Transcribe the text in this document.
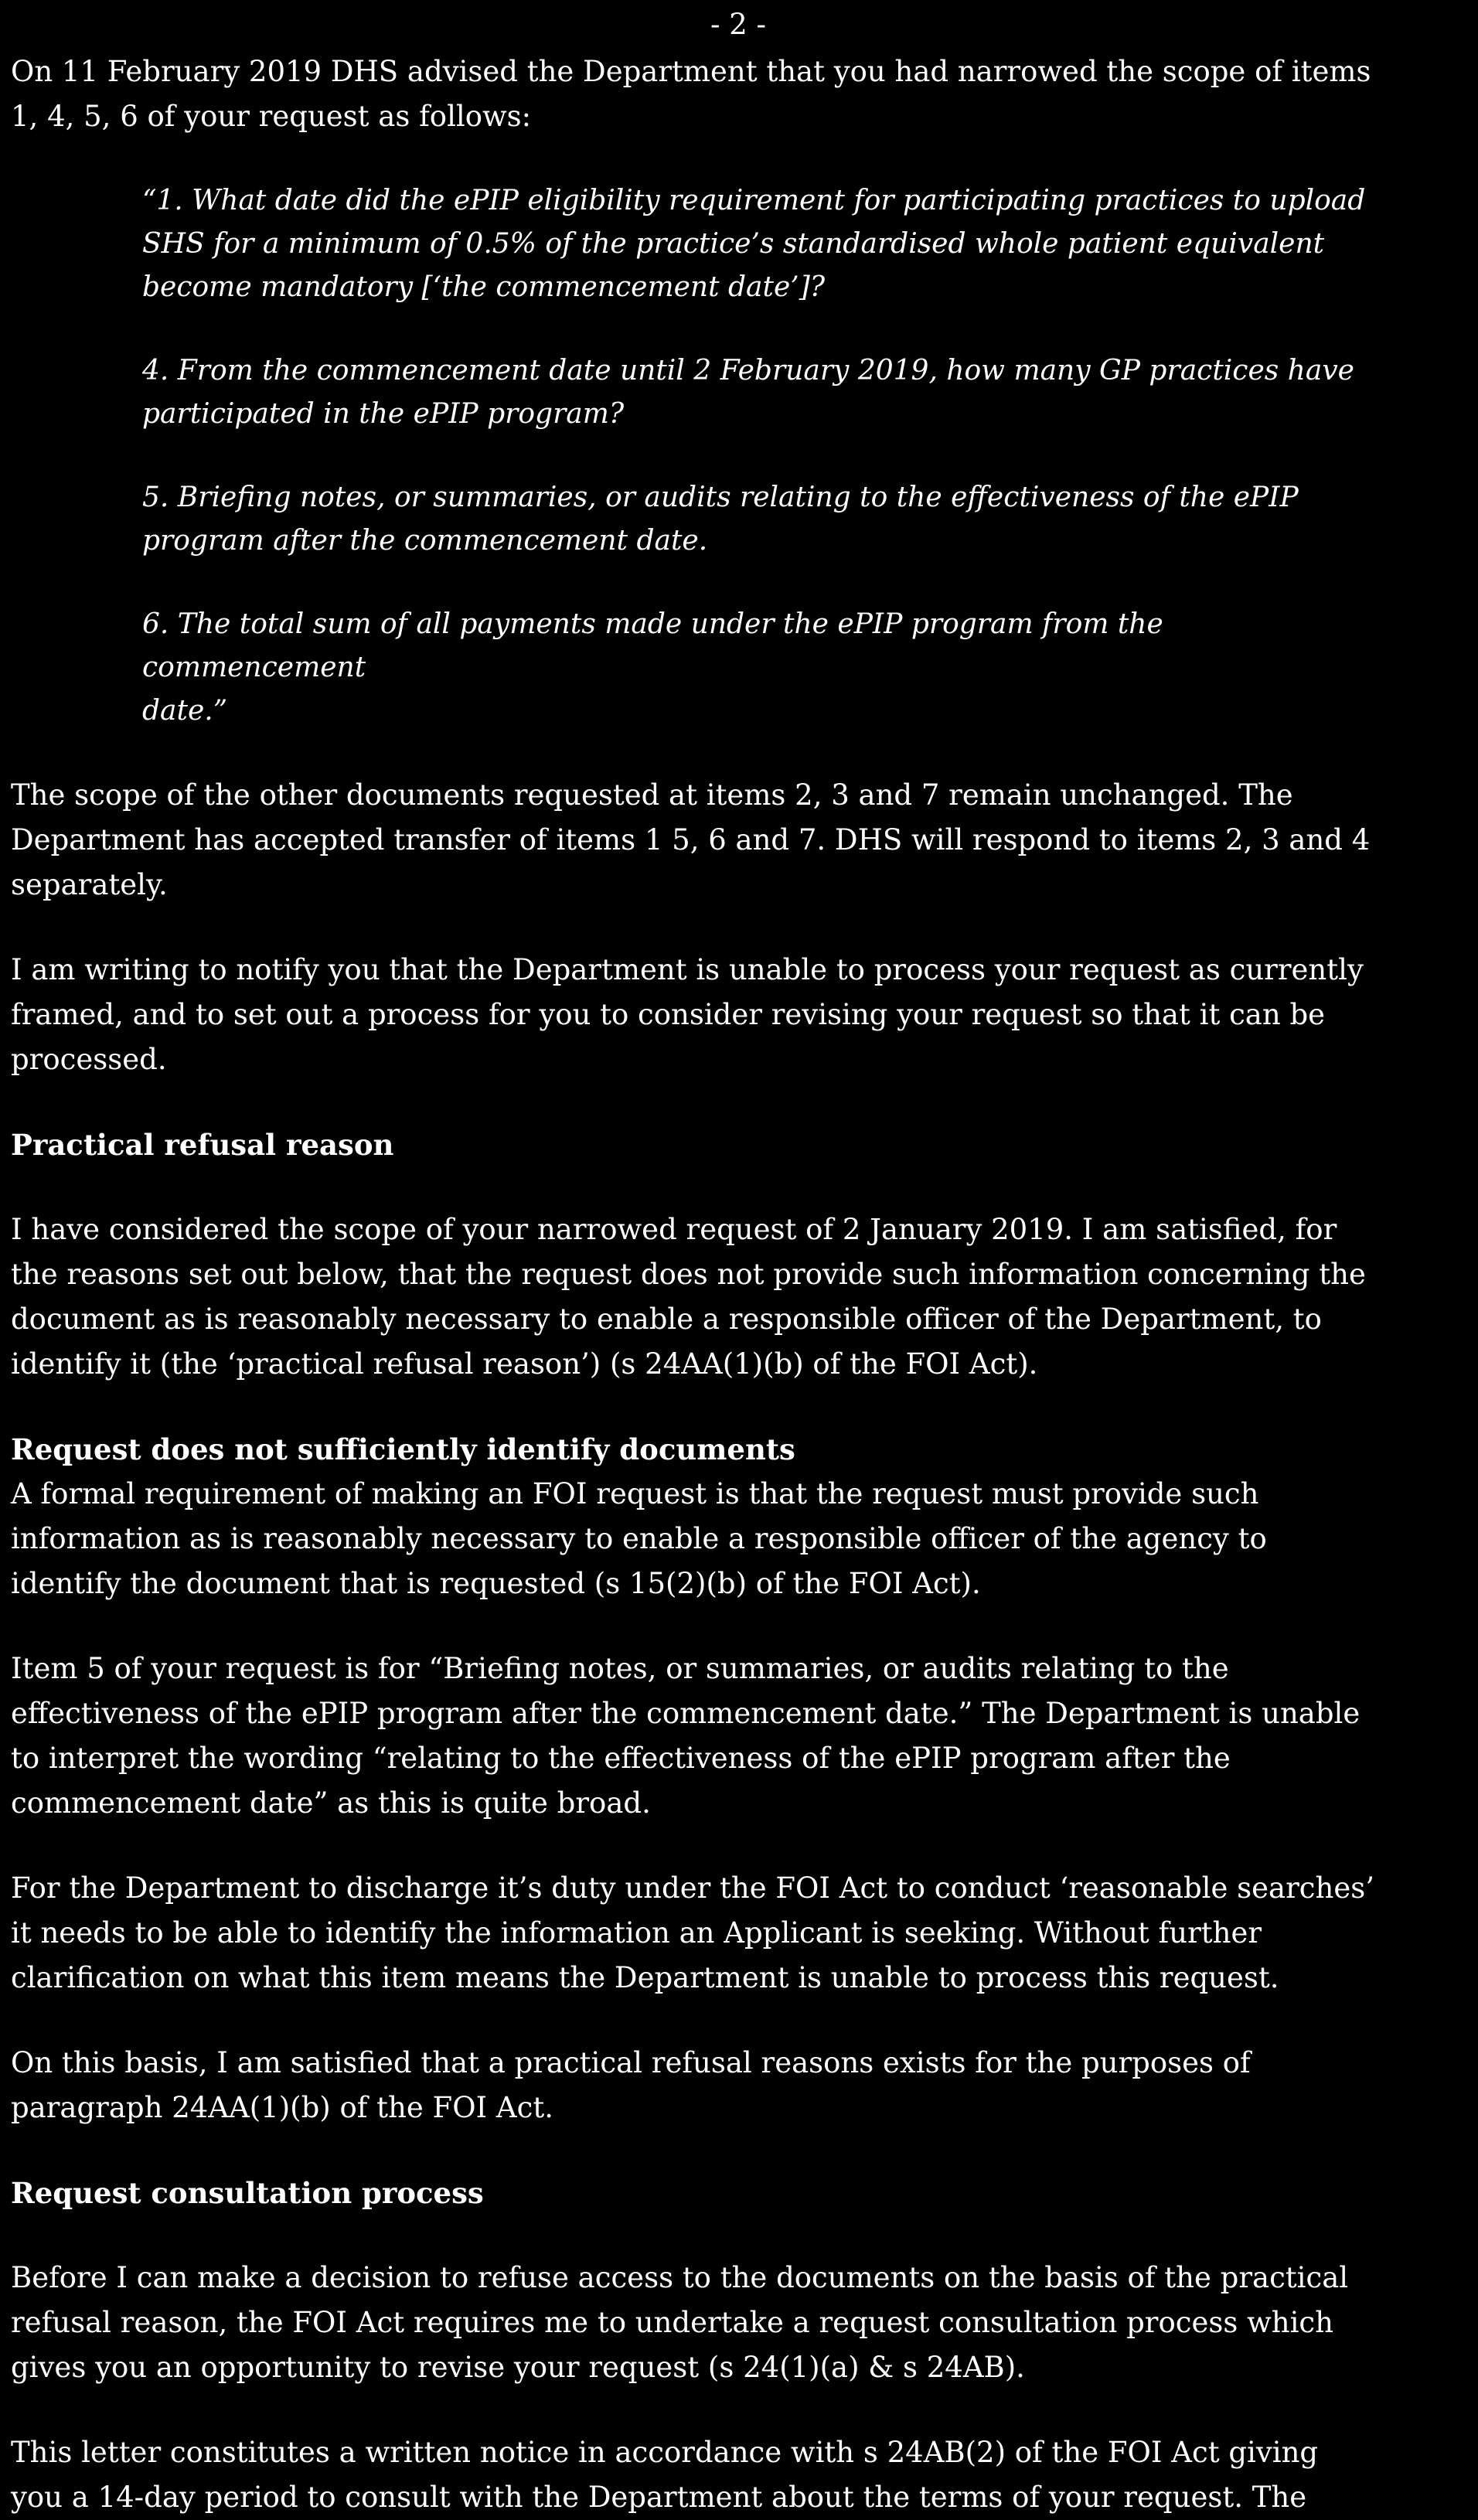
- 2 -

On 11 February 2019 DHS advised the Department that you had narrowed the scope of items
1, 4, 5, 6 of your request as follows:

“1. What date did the ePIP eligibility requirement for participating practices to upload
SHS for a minimum of 0.5% of the practice’s standardised whole patient equivalent
become mandatory [‘the commencement date’]?

4. From the commencement date until 2 February 2019, how many GP practices have
participated in the ePIP program?

5. Briefing notes, or summaries, or audits relating to the effectiveness of the ePIP
program after the commencement date.

6. The total sum of all payments made under the ePIP program from the commencement
date.”

The scope of the other documents requested at items 2, 3 and 7 remain unchanged. The
Department has accepted transfer of items 1 5, 6 and 7. DHS will respond to items 2, 3 and 4
separately.

I am writing to notify you that the Department is unable to process your request as currently
framed, and to set out a process for you to consider revising your request so that it can be
processed.

Practical refusal reason

I have considered the scope of your narrowed request of 2 January 2019. I am satisfied, for
the reasons set out below, that the request does not provide such information concerning the
document as is reasonably necessary to enable a responsible officer of the Department, to
identify it (the ‘practical refusal reason’) (s 24AA(1)(b) of the FOI Act).

Request does not sufficiently identify documents

A formal requirement of making an FOI request is that the request must provide such
information as is reasonably necessary to enable a responsible officer of the agency to
identify the document that is requested (s 15(2)(b) of the FOI Act).

Item 5 of your request is for “Briefing notes, or summaries, or audits relating to the
effectiveness of the ePIP program after the commencement date.” The Department is unable
to interpret the wording “relating to the effectiveness of the ePIP program after the
commencement date” as this is quite broad.

For the Department to discharge it’s duty under the FOI Act to conduct ‘reasonable searches’
it needs to be able to identify the information an Applicant is seeking. Without further
clarification on what this item means the Department is unable to process this request.

On this basis, I am satisfied that a practical refusal reasons exists for the purposes of
paragraph 24AA(1)(b) of the FOI Act.

Request consultation process

Before I can make a decision to refuse access to the documents on the basis of the practical
refusal reason, the FOI Act requires me to undertake a request consultation process which
gives you an opportunity to revise your request (s 24(1)(a) & s 24AB).

This letter constitutes a written notice in accordance with s 24AB(2) of the FOI Act giving
you a 14-day period to consult with the Department about the terms of your request. The
